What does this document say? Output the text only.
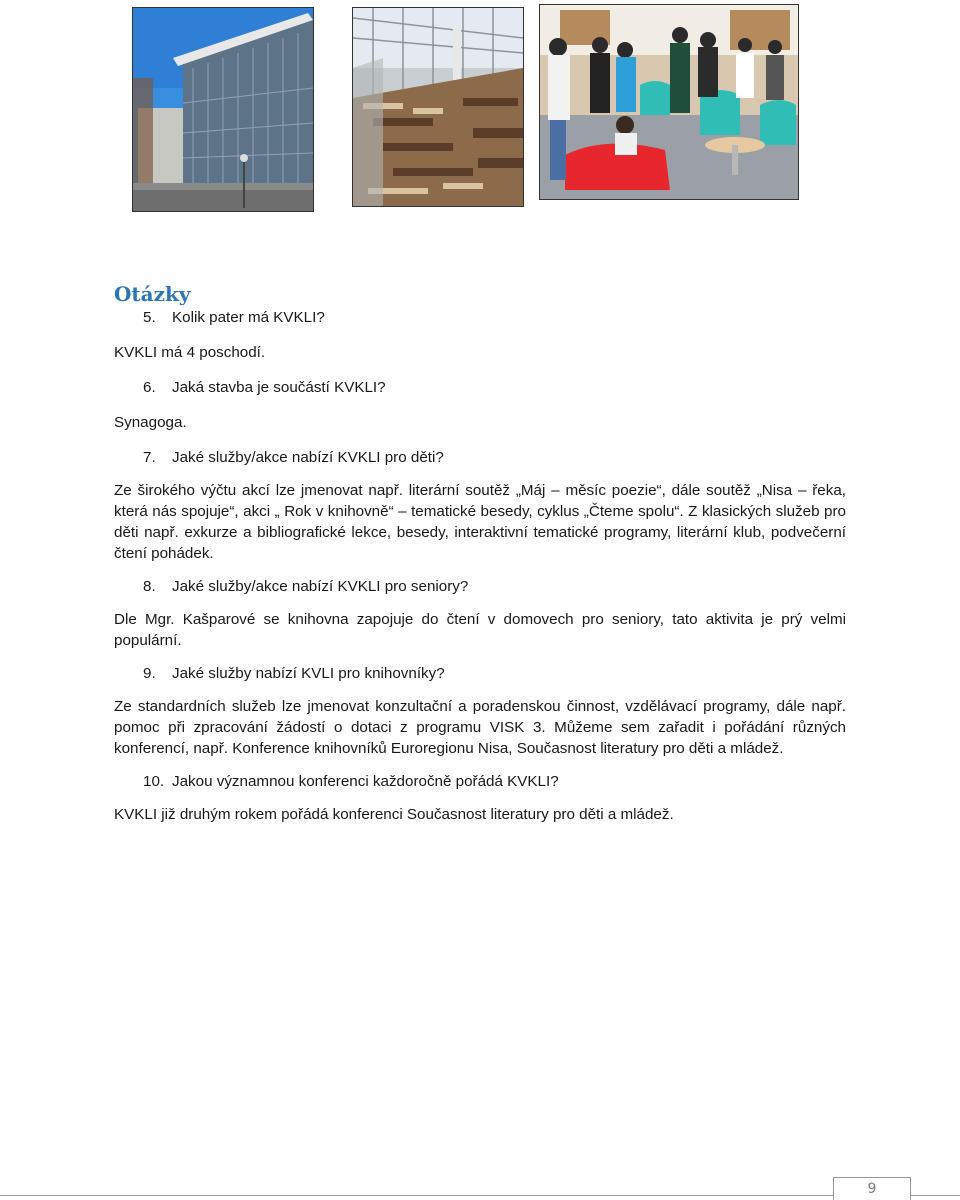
Otázky

5.	Kolik pater má KVKLI?

KVKLI má 4 poschodí.

6.	Jaká stavba je součástí KVKLI?

Synagoga.

7.	Jaké služby/akce nabízí KVKLI pro děti?

Ze širokého výčtu akcí lze jmenovat např. literární soutěž „Máj – měsíc poezie“, dále soutěž „Nisa – řeka, která nás spojuje“, akci „ Rok v knihovně“ – tematické besedy, cyklus „Čteme spolu“. Z klasických služeb pro děti např. exkurze a bibliografické lekce, besedy, interaktivní tematické programy, literární klub, podvečerní čtení pohádek.

8.	Jaké služby/akce nabízí KVKLI pro seniory?

Dle Mgr. Kašparové se knihovna zapojuje do čtení v domovech pro seniory, tato aktivita je prý velmi populární.

9.	Jaké služby nabízí KVLI pro knihovníky?

Ze standardních služeb lze jmenovat konzultační a poradenskou činnost, vzdělávací programy, dále např. pomoc při zpracování žádostí o dotaci z programu VISK 3. Můžeme sem zařadit i pořádání různých konferencí, např. Konference knihovníků Euroregionu Nisa, Současnost literatury pro děti a mládež.

10. Jakou významnou konferenci každoročně pořádá KVKLI?

KVKLI již druhým rokem pořádá konferenci Současnost literatury pro děti a mládež.

9
